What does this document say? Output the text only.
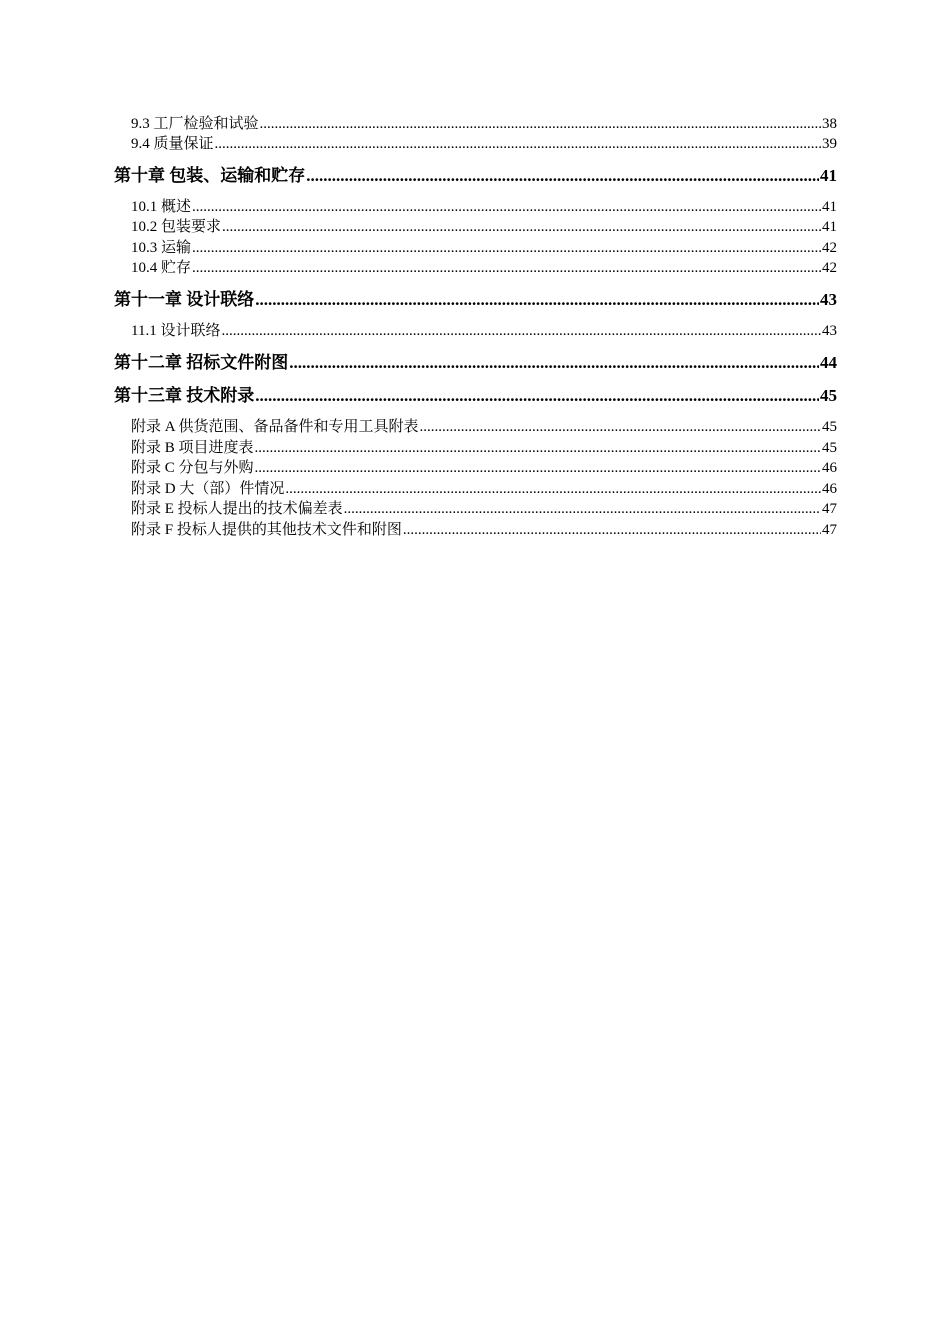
9.3 工厂检验和试验 .....	38
9.4 质量保证 .....	39
第十章 包装、运输和贮存 .....	41
10.1 概述 .....	41
10.2 包装要求 .....	41
10.3 运输 .....	42
10.4 贮存 .....	42
第十一章 设计联络 .....	43
11.1 设计联络 .....	43
第十二章 招标文件附图 .....	44
第十三章 技术附录 .....	45
附录 A 供货范围、备品备件和专用工具附表 .....	45
附录 B 项目进度表 .....	45
附录 C 分包与外购 .....	46
附录 D 大（部）件情况 .....	46
附录 E 投标人提出的技术偏差表 .....	47
附录 F 投标人提供的其他技术文件和附图 .....	47
